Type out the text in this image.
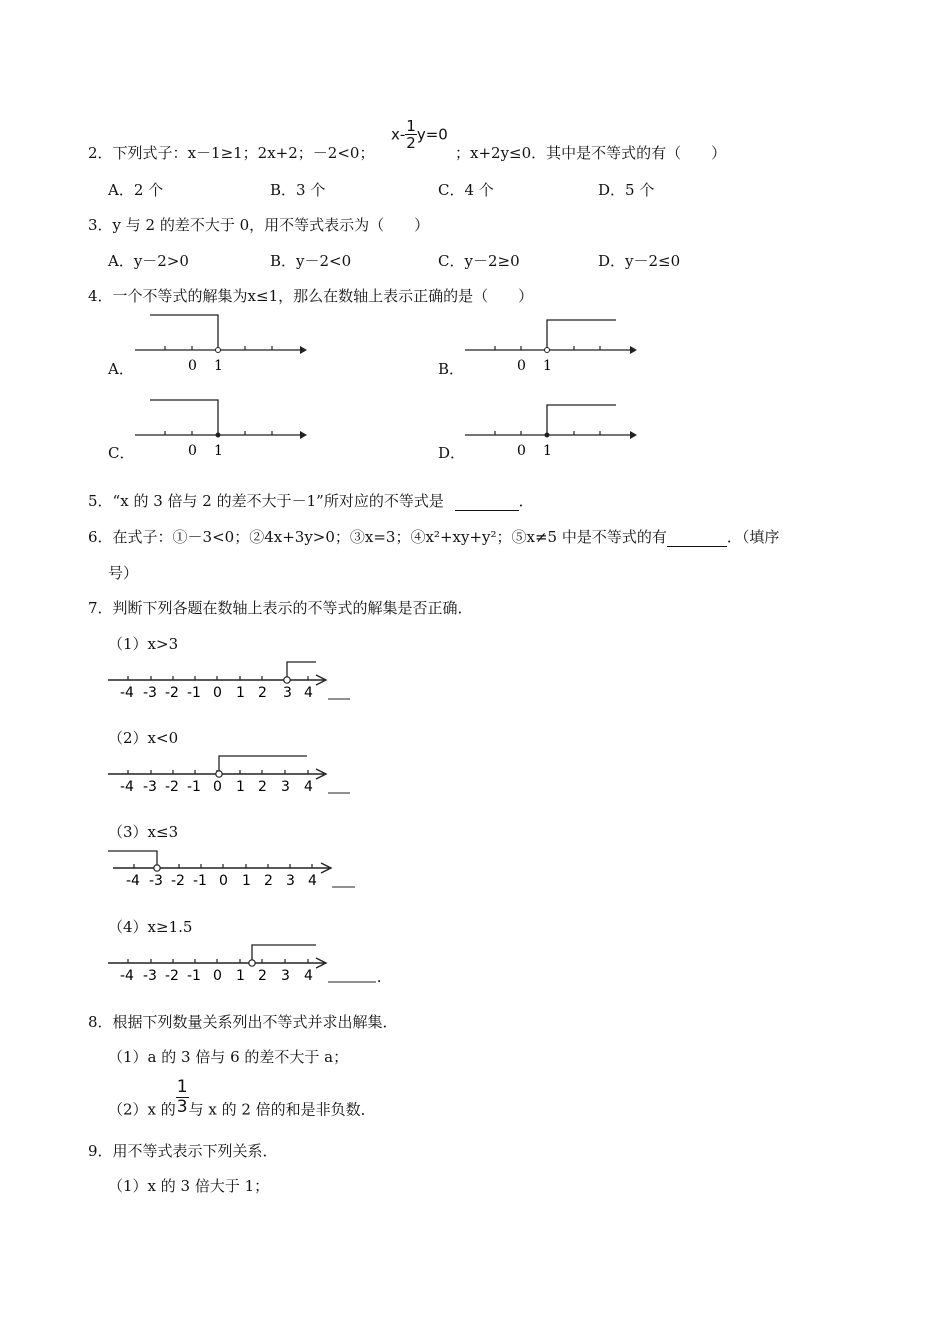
2．下列式子：x－1≥1；2x+2；－2<0；
$x- \frac{1}{2} y=0$
；x+2y≤0．其中是不等式的有（　　）
A．2 个	B．3 个	C．4 个	D．5 个
3．y 与 2 的差不大于 0，用不等式表示为（　　）
A．y－2>0	B．y－2<0	C．y－2≥0	D．y－2≤0
4．一个不等式的解集为x≤1，那么在数轴上表示正确的是（　　）
A．	0 1	B．	0 1
C．	0 1	D．	0 1
5．“x 的 3 倍与 2 的差不大于－1”所对应的不等式是	．
6．在式子：①－3<0；②4x+3y>0；③x=3；④x²+xy+y²；⑤x≠5 中是不等式的有	．（填序
号）
7．判断下列各题在数轴上表示的不等式的解集是否正确．
（1）x>3
-4 -3 -2 -1 0 1 2 3 4
（2）x<0
-4 -3 -2 -1 0 1 2 3 4
（3）x≤3
-4 -3 -2 -1 0 1 2 3 4
（4）x≥1.5
-4 -3 -2 -1 0 1 2 3 4	．
8．根据下列数量关系列出不等式并求出解集．
（1）a 的 3 倍与 6 的差不大于 a；
（2）x 的 $\frac{1}{3}$ 与 x 的 2 倍的和是非负数．
9．用不等式表示下列关系．
（1）x 的 3 倍大于 1；
